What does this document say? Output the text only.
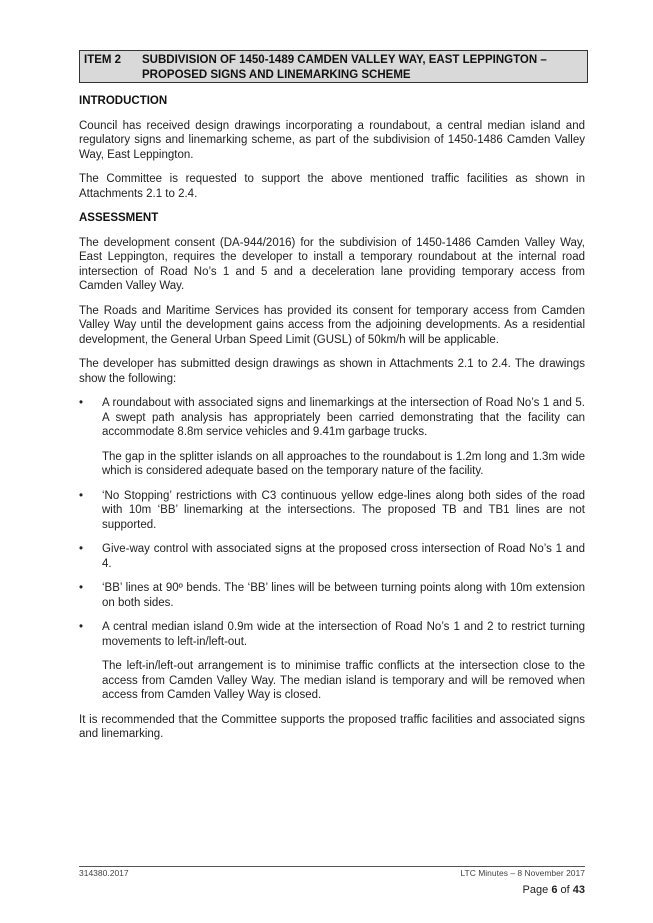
ITEM 2 SUBDIVISION OF 1450-1489 CAMDEN VALLEY WAY, EAST LEPPINGTON – PROPOSED SIGNS AND LINEMARKING SCHEME
INTRODUCTION

Council has received design drawings incorporating a roundabout, a central median island and regulatory signs and linemarking scheme, as part of the subdivision of 1450-1486 Camden Valley Way, East Leppington.

The Committee is requested to support the above mentioned traffic facilities as shown in Attachments 2.1 to 2.4.

ASSESSMENT

The development consent (DA-944/2016) for the subdivision of 1450-1486 Camden Valley Way, East Leppington, requires the developer to install a temporary roundabout at the internal road intersection of Road No’s 1 and 5 and a deceleration lane providing temporary access from Camden Valley Way.

The Roads and Maritime Services has provided its consent for temporary access from Camden Valley Way until the development gains access from the adjoining developments. As a residential development, the General Urban Speed Limit (GUSL) of 50km/h will be applicable.

The developer has submitted design drawings as shown in Attachments 2.1 to 2.4. The drawings show the following:

• A roundabout with associated signs and linemarkings at the intersection of Road No’s 1 and 5. A swept path analysis has appropriately been carried demonstrating that the facility can accommodate 8.8m service vehicles and 9.41m garbage trucks.

The gap in the splitter islands on all approaches to the roundabout is 1.2m long and 1.3m wide which is considered adequate based on the temporary nature of the facility.

• ‘No Stopping’ restrictions with C3 continuous yellow edge-lines along both sides of the road with 10m ‘BB’ linemarking at the intersections. The proposed TB and TB1 lines are not supported.

• Give-way control with associated signs at the proposed cross intersection of Road No’s 1 and 4.

• ‘BB’ lines at 90º bends. The ‘BB’ lines will be between turning points along with 10m extension on both sides.

• A central median island 0.9m wide at the intersection of Road No’s 1 and 2 to restrict turning movements to left-in/left-out.

The left-in/left-out arrangement is to minimise traffic conflicts at the intersection close to the access from Camden Valley Way. The median island is temporary and will be removed when access from Camden Valley Way is closed.

It is recommended that the Committee supports the proposed traffic facilities and associated signs and linemarking.

314380.2017	LTC Minutes – 8 November 2017
Page 6 of 43
